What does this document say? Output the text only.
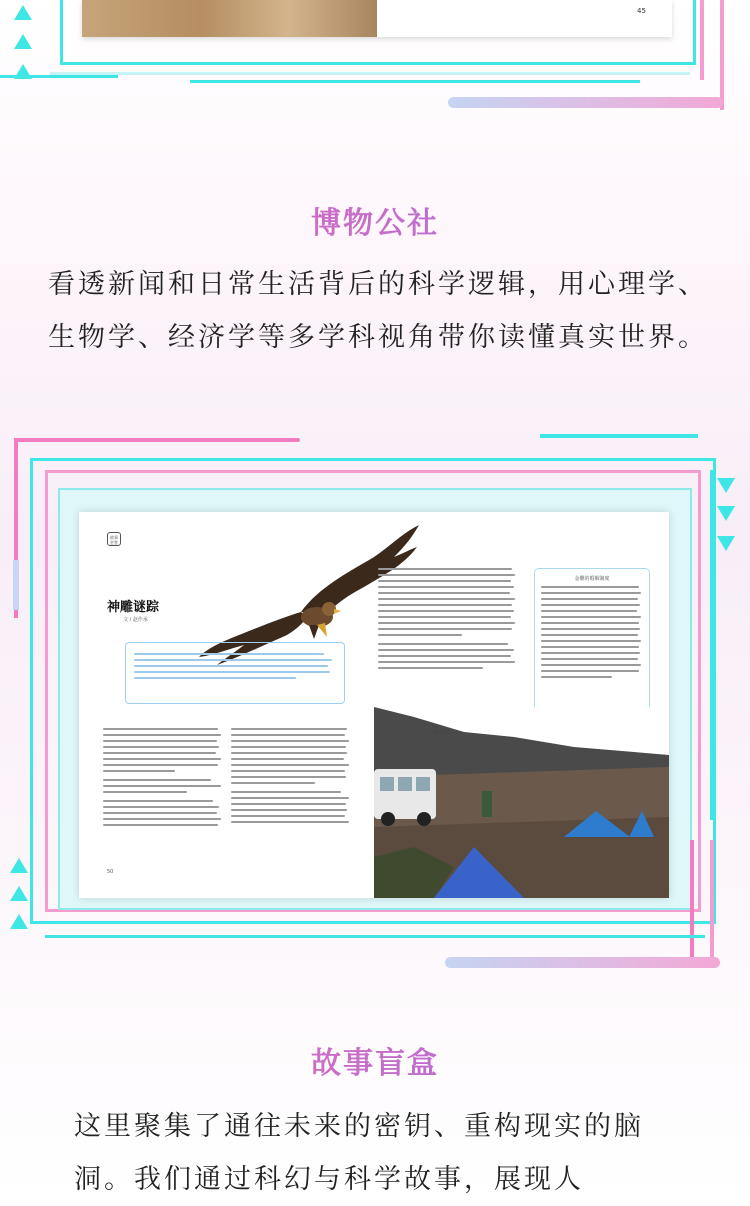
45
博物公社
看透新闻和日常生活背后的科学逻辑，用心理学、生物学、经济学等多学科视角带你读懂真实世界。
故事
会堂
神雕谜踪
文 / 赵作承
50
金雕的婚姻制度
露营地
故事盲盒
这里聚集了通往未来的密钥、重构现实的脑洞。我们通过科幻与科学故事，展现人
